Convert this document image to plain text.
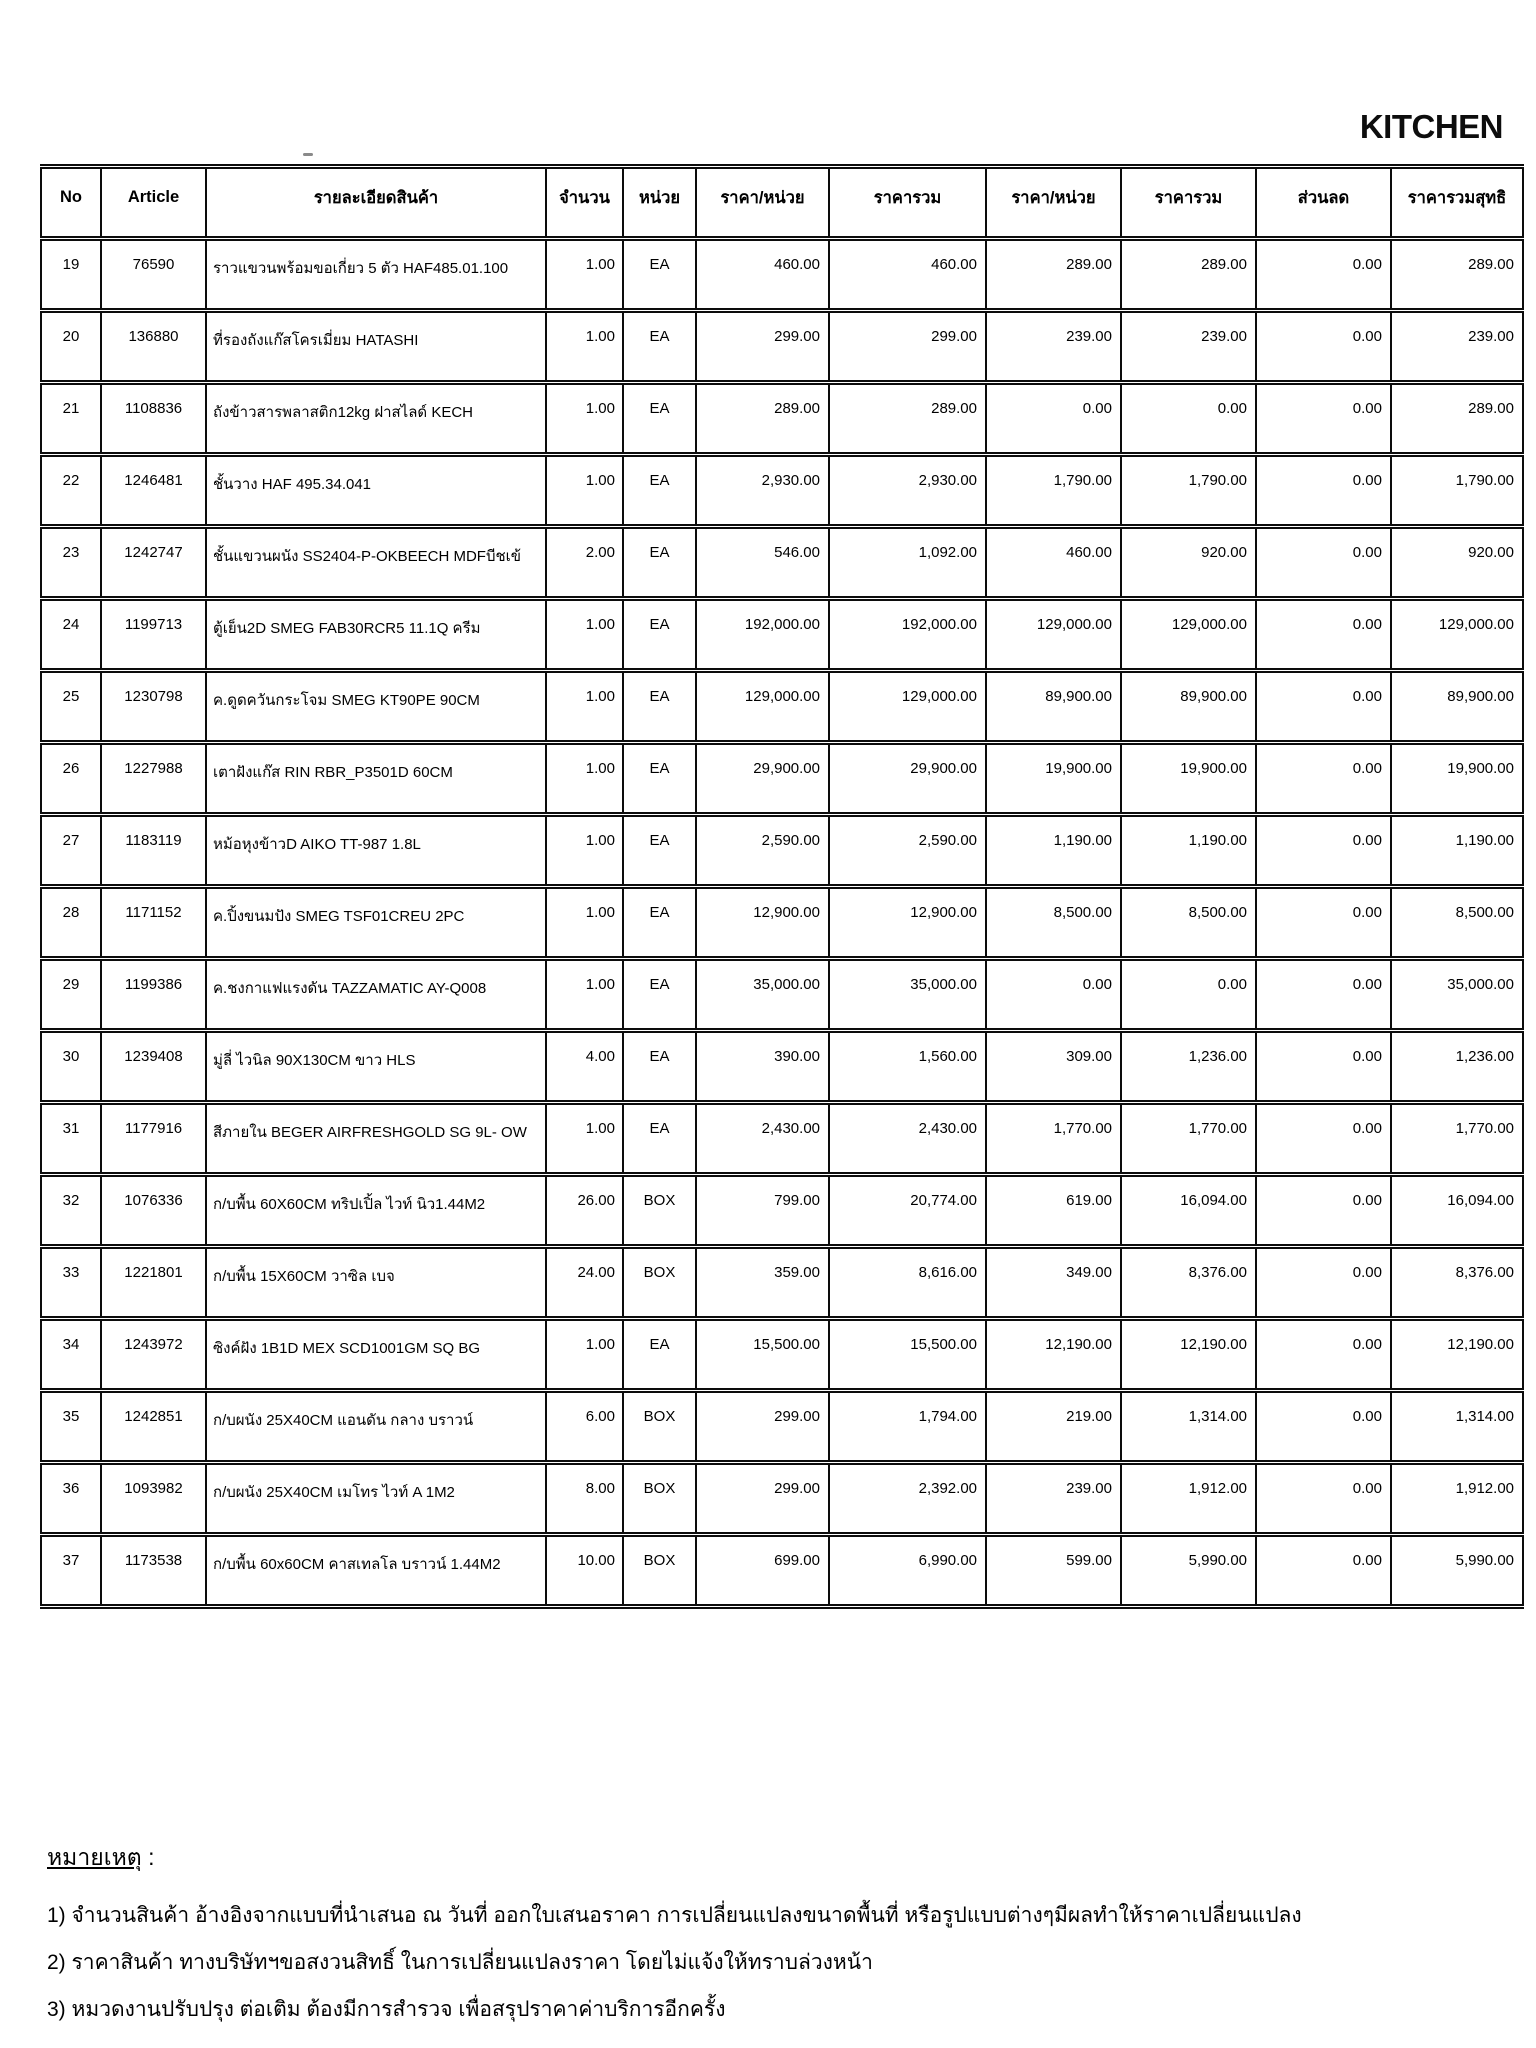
KITCHEN
No	Article	รายละเอียดสินค้า	จำนวน	หน่วย	ราคา/หน่วย	ราคารวม	ราคา/หน่วย	ราคารวม	ส่วนลด	ราคารวมสุทธิ
19	76590	ราวแขวนพร้อมขอเกี่ยว 5 ตัว HAF485.01.100	1.00	EA	460.00	460.00	289.00	289.00	0.00	289.00
20	136880	ที่รองถังแก๊สโครเมี่ยม HATASHI	1.00	EA	299.00	299.00	239.00	239.00	0.00	239.00
21	1108836	ถังข้าวสารพลาสติก12kg ฝาสไลด์ KECH	1.00	EA	289.00	289.00	0.00	0.00	0.00	289.00
22	1246481	ชั้นวาง HAF 495.34.041	1.00	EA	2,930.00	2,930.00	1,790.00	1,790.00	0.00	1,790.00
23	1242747	ชั้นแขวนผนัง SS2404-P-OKBEECH MDFบีชเข้	2.00	EA	546.00	1,092.00	460.00	920.00	0.00	920.00
24	1199713	ตู้เย็น2D SMEG FAB30RCR5 11.1Q ครีม	1.00	EA	192,000.00	192,000.00	129,000.00	129,000.00	0.00	129,000.00
25	1230798	ค.ดูดควันกระโจม SMEG KT90PE 90CM	1.00	EA	129,000.00	129,000.00	89,900.00	89,900.00	0.00	89,900.00
26	1227988	เตาฝังแก๊ส RIN RBR_P3501D 60CM	1.00	EA	29,900.00	29,900.00	19,900.00	19,900.00	0.00	19,900.00
27	1183119	หม้อหุงข้าวD AIKO TT-987 1.8L	1.00	EA	2,590.00	2,590.00	1,190.00	1,190.00	0.00	1,190.00
28	1171152	ค.ปิ้งขนมปัง SMEG TSF01CREU 2PC	1.00	EA	12,900.00	12,900.00	8,500.00	8,500.00	0.00	8,500.00
29	1199386	ค.ชงกาแฟแรงดัน TAZZAMATIC AY-Q008	1.00	EA	35,000.00	35,000.00	0.00	0.00	0.00	35,000.00
30	1239408	มู่ลี่ ไวนิล 90X130CM ขาว HLS	4.00	EA	390.00	1,560.00	309.00	1,236.00	0.00	1,236.00
31	1177916	สีภายใน BEGER AIRFRESHGOLD SG 9L- OW	1.00	EA	2,430.00	2,430.00	1,770.00	1,770.00	0.00	1,770.00
32	1076336	ก/บพื้น 60X60CM ทริปเปิ้ล ไวท์ นิว1.44M2	26.00	BOX	799.00	20,774.00	619.00	16,094.00	0.00	16,094.00
33	1221801	ก/บพื้น 15X60CM วาซิล เบจ	24.00	BOX	359.00	8,616.00	349.00	8,376.00	0.00	8,376.00
34	1243972	ซิงค์ฝัง 1B1D MEX SCD1001GM SQ BG	1.00	EA	15,500.00	15,500.00	12,190.00	12,190.00	0.00	12,190.00
35	1242851	ก/บผนัง 25X40CM แอนดัน กลาง บราวน์	6.00	BOX	299.00	1,794.00	219.00	1,314.00	0.00	1,314.00
36	1093982	ก/บผนัง 25X40CM เมโทร ไวท์ A 1M2	8.00	BOX	299.00	2,392.00	239.00	1,912.00	0.00	1,912.00
37	1173538	ก/บพื้น 60x60CM คาสเทลโล บราวน์ 1.44M2	10.00	BOX	699.00	6,990.00	599.00	5,990.00	0.00	5,990.00
หมายเหตุ :
1) จำนวนสินค้า อ้างอิงจากแบบที่นำเสนอ ณ วันที่ ออกใบเสนอราคา การเปลี่ยนแปลงขนาดพื้นที่ หรือรูปแบบต่างๆมีผลทำให้ราคาเปลี่ยนแปลง
2) ราคาสินค้า ทางบริษัทฯขอสงวนสิทธิ์ ในการเปลี่ยนแปลงราคา โดยไม่แจ้งให้ทราบล่วงหน้า
3) หมวดงานปรับปรุง ต่อเติม ต้องมีการสำรวจ เพื่อสรุปราคาค่าบริการอีกครั้ง
